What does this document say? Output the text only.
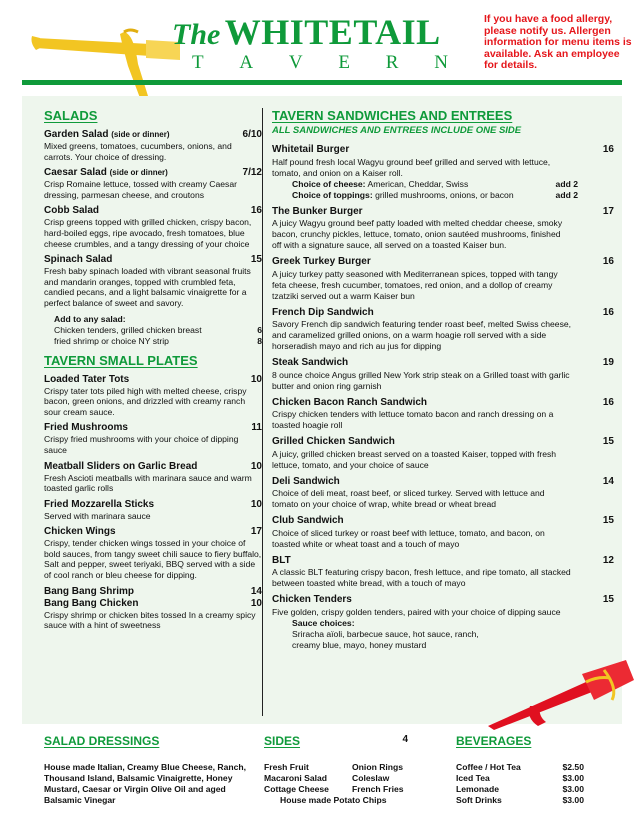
The WHITETAIL
T A V E R N
If you have a food allergy, please notify us. Allergen information for menu items is available. Ask an employee for details.
SALADS
Garden Salad (side or dinner)	6/10
Mixed greens, tomatoes, cucumbers, onions, and carrots. Your choice of dressing.
Caesar Salad (side or dinner)	7/12
Crisp Romaine lettuce, tossed with creamy Caesar dressing, parmesan cheese, and croutons
Cobb Salad	16
Crisp greens topped with grilled chicken, crispy bacon, hard-boiled eggs, ripe avocado, fresh tomatoes, blue cheese crumbles, and a tangy dressing of your choice
Spinach Salad	15
Fresh baby spinach loaded with vibrant seasonal fruits and mandarin oranges, topped with crumbled feta, candied pecans, and a light balsamic vinaigrette for a perfect balance of sweet and savory.
Add to any salad:
Chicken tenders, grilled chicken breast	6
fried shrimp or choice NY strip	8
TAVERN SMALL PLATES
Loaded Tater Tots	10
Crispy tater tots piled high with melted cheese, crispy bacon, green onions, and drizzled with creamy ranch sour cream sauce.
Fried Mushrooms	11
Crispy fried mushrooms with your choice of dipping sauce
Meatball Sliders on Garlic Bread	10
Fresh Ascioti meatballs with marinara sauce and warm toasted garlic rolls
Fried Mozzarella Sticks	10
Served with marinara sauce
Chicken Wings	17
Crispy, tender chicken wings tossed in your choice of bold sauces, from tangy sweet chili sauce to fiery buffalo, Salt and pepper, sweet teriyaki, BBQ served with a side of cool ranch or bleu cheese for dipping.
Bang Bang Shrimp	14
Bang Bang Chicken	10
Crispy shrimp or chicken bites tossed In a creamy spicy sauce with a hint of sweetness
TAVERN SANDWICHES AND ENTREES
ALL SANDWICHES AND ENTREES INCLUDE ONE SIDE
Whitetail Burger	16
Half pound fresh local Wagyu ground beef grilled and served with lettuce, tomato, and onion on a Kaiser roll.
Choice of cheese: American, Cheddar, Swiss	add 2
Choice of toppings: grilled mushrooms, onions, or bacon	add 2
The Bunker Burger	17
A juicy Wagyu ground beef patty loaded with melted cheddar cheese, smoky bacon, crunchy pickles, lettuce, tomato, onion sautéed mushrooms, finished off with a signature sauce, all served on a toasted Kaiser bun.
Greek Turkey Burger	16
A juicy turkey patty seasoned with Mediterranean spices, topped with tangy feta cheese, fresh cucumber, tomatoes, red onion, and a dollop of creamy tzatziki served out a warm Kaiser bun
French Dip Sandwich	16
Savory French dip sandwich featuring tender roast beef, melted Swiss cheese, and caramelized grilled onions, on a warm hoagie roll served with a side horseradish mayo and rich au jus for dipping
Steak Sandwich	19
8 ounce choice Angus grilled New York strip steak on a Grilled toast with garlic butter and onion ring garnish
Chicken Bacon Ranch Sandwich	16
Crispy chicken tenders with lettuce tomato bacon and ranch dressing on a toasted hoagie roll
Grilled Chicken Sandwich	15
A juicy, grilled chicken breast served on a toasted Kaiser, topped with fresh lettuce, tomato, and your choice of sauce
Deli Sandwich	14
Choice of deli meat, roast beef, or sliced turkey. Served with lettuce and tomato on your choice of wrap, white bread or wheat bread
Club Sandwich	15
Choice of sliced turkey or roast beef with lettuce, tomato, and bacon, on toasted white or wheat toast and a touch of mayo
BLT	12
A classic BLT featuring crispy bacon, fresh lettuce, and ripe tomato, all stacked between toasted white bread, with a touch of mayo
Chicken Tenders	15
Five golden, crispy golden tenders, paired with your choice of dipping sauce
Sauce choices:
Sriracha aïoli, barbecue sauce, hot sauce, ranch, creamy blue, mayo, honey mustard
SALAD DRESSINGS
House made Italian, Creamy Blue Cheese, Ranch, Thousand Island, Balsamic Vinaigrette, Honey Mustard, Caesar or Virgin Olive Oil and aged Balsamic Vinegar
SIDES	4
Fresh Fruit	Onion Rings
Macaroni Salad	Coleslaw
Cottage Cheese	French Fries
House made Potato Chips
BEVERAGES
Coffee / Hot Tea	$2.50
Iced Tea	$3.00
Lemonade	$3.00
Soft Drinks	$3.00
